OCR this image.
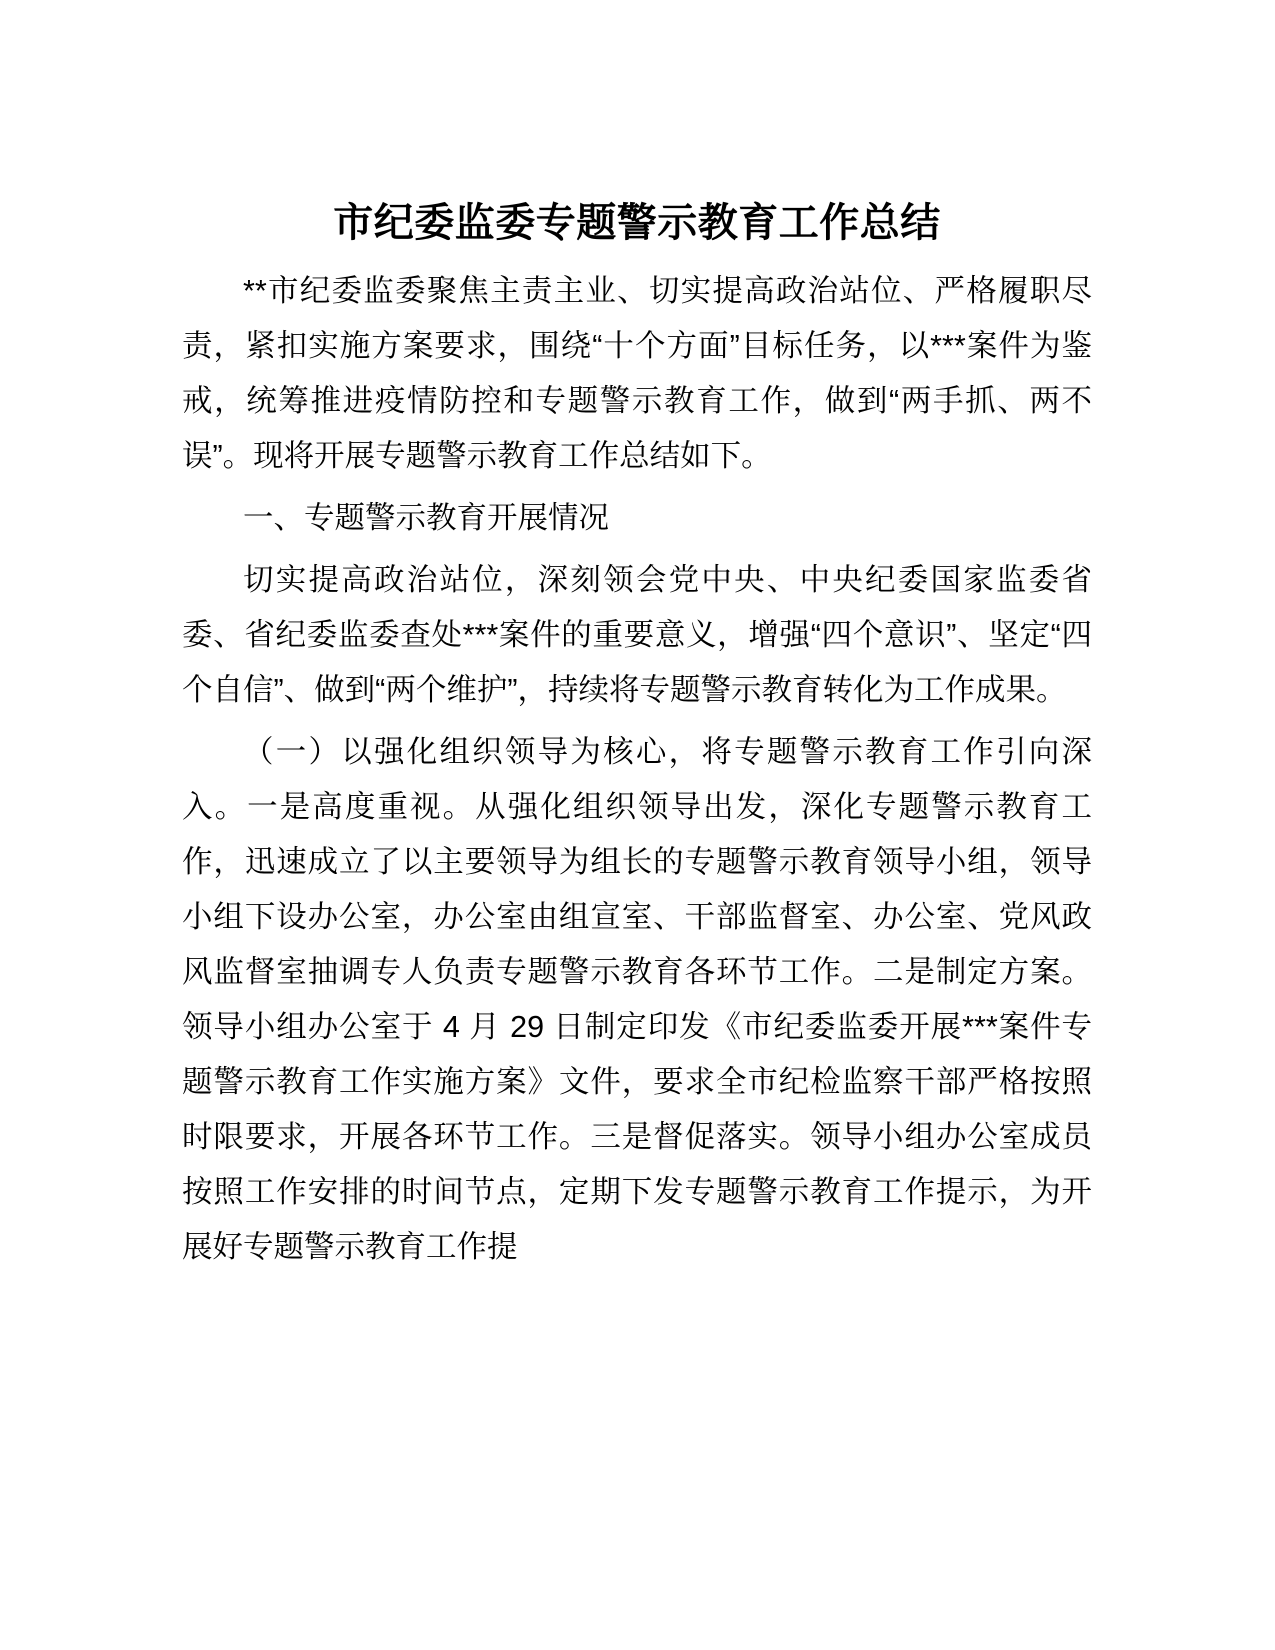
市纪委监委专题警示教育工作总结

**市纪委监委聚焦主责主业、切实提高政治站位、严格履职尽责，紧扣实施方案要求，围绕“十个方面”目标任务，以***案件为鉴戒，统筹推进疫情防控和专题警示教育工作，做到“两手抓、两不误”。现将开展专题警示教育工作总结如下。

一、专题警示教育开展情况

切实提高政治站位，深刻领会党中央、中央纪委国家监委省委、省纪委监委查处***案件的重要意义，增强“四个意识”、坚定“四个自信”、做到“两个维护”，持续将专题警示教育转化为工作成果。

（一）以强化组织领导为核心，将专题警示教育工作引向深入。一是高度重视。从强化组织领导出发，深化专题警示教育工作，迅速成立了以主要领导为组长的专题警示教育领导小组，领导小组下设办公室，办公室由组宣室、干部监督室、办公室、党风政风监督室抽调专人负责专题警示教育各环节工作。二是制定方案。领导小组办公室于 4 月 29 日制定印发《市纪委监委开展***案件专题警示教育工作实施方案》文件，要求全市纪检监察干部严格按照时限要求，开展各环节工作。三是督促落实。领导小组办公室成员按照工作安排的时间节点，定期下发专题警示教育工作提示，为开展好专题警示教育工作提
